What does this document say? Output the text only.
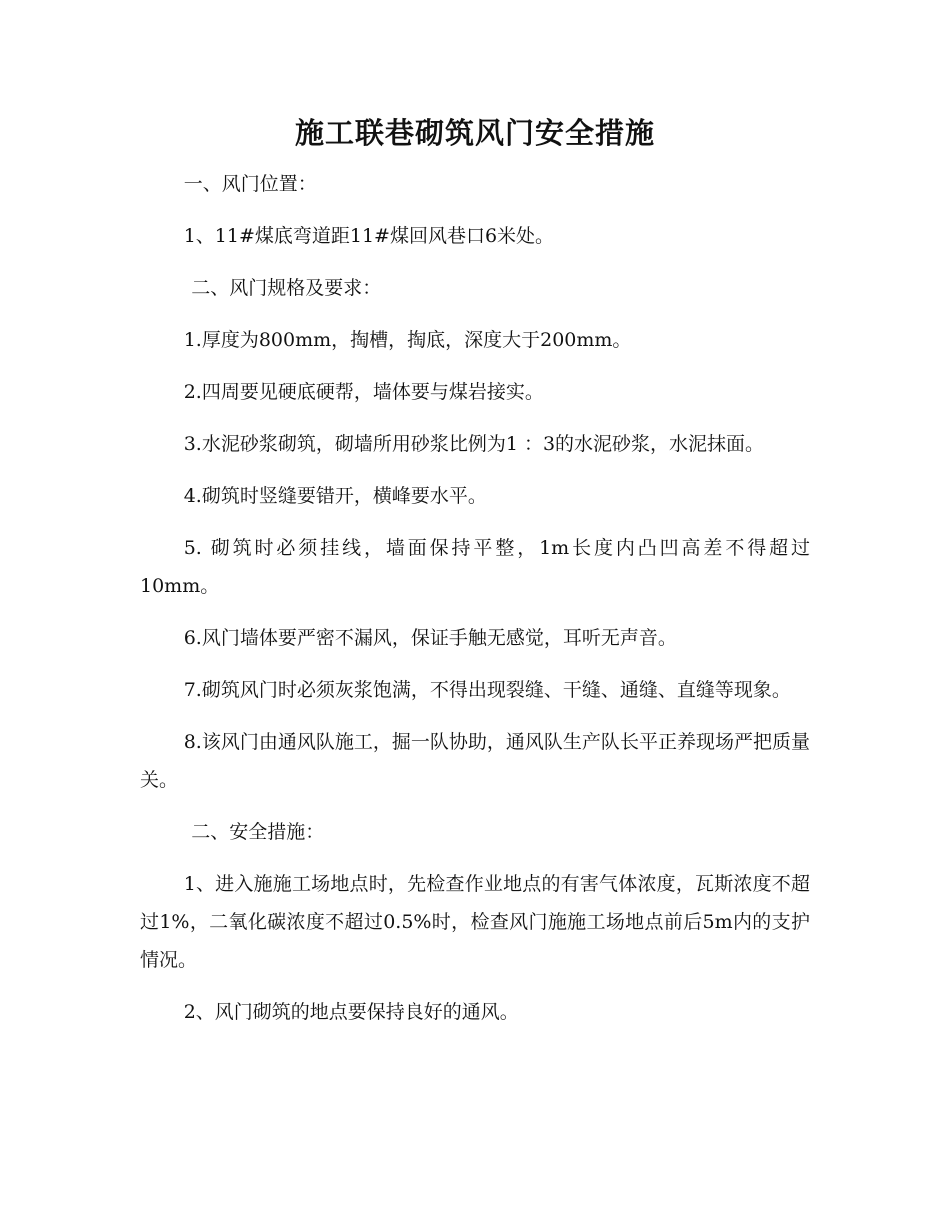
施工联巷砌筑风门安全措施

一、风门位置：

1、11#煤底弯道距11#煤回风巷口6米处。

二、风门规格及要求：

1.厚度为800mm，掏槽，掏底，深度大于200mm。

2.四周要见硬底硬帮，墙体要与煤岩接实。

3.水泥砂浆砌筑，砌墙所用砂浆比例为1 ：3的水泥砂浆，水泥抹面。

4.砌筑时竖缝要错开，横峰要水平。

5. 砌筑时必须挂线，墙面保持平整，1m长度内凸凹高差不得超过10mm。

6.风门墙体要严密不漏风，保证手触无感觉，耳听无声音。

7.砌筑风门时必须灰浆饱满，不得出现裂缝、干缝、通缝、直缝等现象。

8.该风门由通风队施工，掘一队协助，通风队生产队长平正养现场严把质量关。

二、安全措施：

1、进入施施工场地点时，先检查作业地点的有害气体浓度，瓦斯浓度不超过1%，二氧化碳浓度不超过0.5%时，检查风门施施工场地点前后5m内的支护情况。

2、风门砌筑的地点要保持良好的通风。
